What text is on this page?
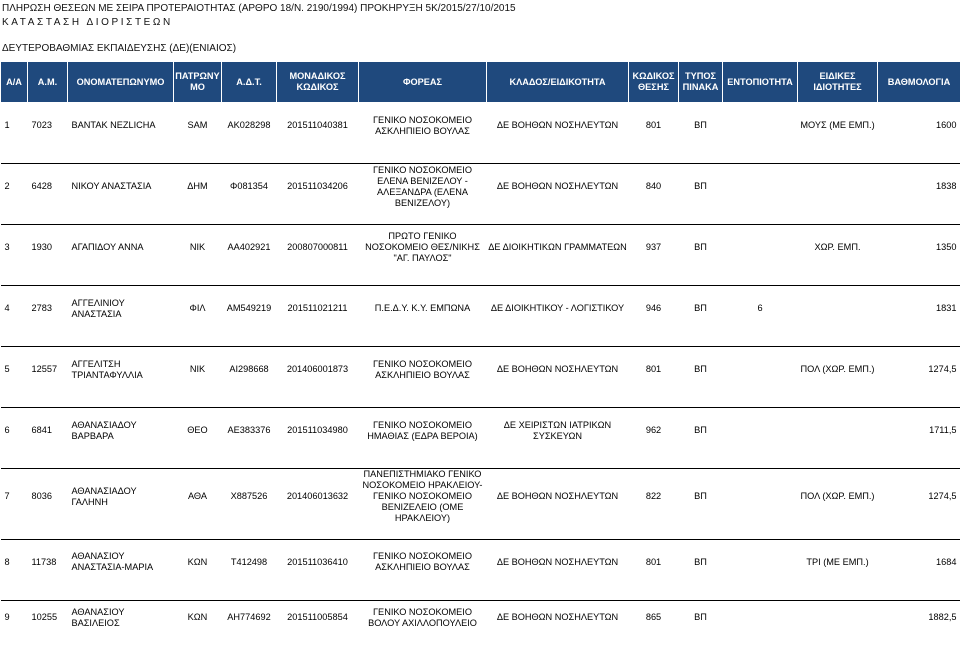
ΠΛΗΡΩΣΗ ΘΕΣΕΩΝ ΜΕ ΣΕΙΡΑ ΠΡΟΤΕΡΑΙΟΤΗΤΑΣ (ΑΡΘΡΟ 18/Ν. 2190/1994) ΠΡΟΚΗΡΥΞΗ 5Κ/2015/27/10/2015
ΚΑΤΑΣΤΑΣΗ ΔΙΟΡΙΣΤΕΩΝ
ΔΕΥΤΕΡΟΒΑΘΜΙΑΣ ΕΚΠΑΙΔΕΥΣΗΣ (ΔΕ)(ΕΝΙΑΙΟΣ)
Α/Α	Α.Μ.	ΟΝΟΜΑΤΕΠΩΝΥΜΟ	ΠΑΤΡΩΝΥ ΜΟ	Α.Δ.Τ.	ΜΟΝΑΔΙΚΟΣ ΚΩΔΙΚΟΣ	ΦΟΡΕΑΣ	ΚΛΑΔΟΣ/ΕΙΔΙΚΟΤΗΤΑ	ΚΩΔΙΚΟΣ ΘΕΣΗΣ	ΤΥΠΟΣ ΠΙΝΑΚΑ	ΕΝΤΟΠΙΟΤΗΤΑ	ΕΙΔΙΚΕΣ ΙΔΙΟΤΗΤΕΣ	ΒΑΘΜΟΛΟΓΙΑ
1	7023	ΒΑΝΤΑΚ NEZLICHA	SAM	AK028298	201511040381	ΓΕΝΙΚΟ ΝΟΣΟΚΟΜΕΙΟ ΑΣΚΛΗΠΙΕΙΟ ΒΟΥΛΑΣ	ΔΕ ΒΟΗΘΩΝ ΝΟΣΗΛΕΥΤΩΝ	801	ΒΠ		ΜΟΥΣ (ΜΕ ΕΜΠ.)	1600

2	6428	ΝΙΚΟΥ ΑΝΑΣΤΑΣΙΑ	ΔΗΜ	Φ081354	201511034206	ΓΕΝΙΚΟ ΝΟΣΟΚΟΜΕΙΟ ΕΛΕΝΑ ΒΕΝΙΖΕΛΟΥ - ΑΛΕΞΑΝΔΡΑ (ΕΛΕΝΑ ΒΕΝΙΖΕΛΟΥ)	ΔΕ ΒΟΗΘΩΝ ΝΟΣΗΛΕΥΤΩΝ	840	ΒΠ			1838

3	1930	ΑΓΑΠΙΔΟΥ ΑΝΝΑ	ΝΙΚ	ΑΑ402921	200807000811	ΠΡΩΤΟ ΓΕΝΙΚΟ ΝΟΣΟΚΟΜΕΙΟ ΘΕΣ/ΝΙΚΗΣ "ΑΓ. ΠΑΥΛΟΣ"	ΔΕ ΔΙΟΙΚΗΤΙΚΩΝ ΓΡΑΜΜΑΤΕΩΝ	937	ΒΠ		ΧΩΡ. ΕΜΠ.	1350

4	2783	ΑΓΓΕΛΙΝΙΟΥ ΑΝΑΣΤΑΣΙΑ	ΦΙΛ	ΑΜ549219	201511021211	Π.Ε.Δ.Υ. Κ.Υ. ΕΜΠΩΝΑ	ΔΕ ΔΙΟΙΚΗΤΙΚΟΥ - ΛΟΓΙΣΤΙΚΟΥ	946	ΒΠ	6		1831

5	12557	ΑΓΓΕΛΙΤΣΗ ΤΡΙΑΝΤΑΦΥΛΛΙΑ	ΝΙΚ	ΑΙ298668	201406001873	ΓΕΝΙΚΟ ΝΟΣΟΚΟΜΕΙΟ ΑΣΚΛΗΠΙΕΙΟ ΒΟΥΛΑΣ	ΔΕ ΒΟΗΘΩΝ ΝΟΣΗΛΕΥΤΩΝ	801	ΒΠ		ΠΟΛ (ΧΩΡ. ΕΜΠ.)	1274,5

6	6841	ΑΘΑΝΑΣΙΑΔΟΥ ΒΑΡΒΑΡΑ	ΘΕΟ	ΑΕ383376	201511034980	ΓΕΝΙΚΟ ΝΟΣΟΚΟΜΕΙΟ ΗΜΑΘΙΑΣ (ΕΔΡΑ ΒΕΡΟΙΑ)	ΔΕ ΧΕΙΡΙΣΤΩΝ ΙΑΤΡΙΚΩΝ ΣΥΣΚΕΥΩΝ	962	ΒΠ			1711,5

7	8036	ΑΘΑΝΑΣΙΑΔΟΥ ΓΑΛΗΝΗ	ΑΘΑ	Χ887526	201406013632	ΠΑΝΕΠΙΣΤΗΜΙΑΚΟ ΓΕΝΙΚΟ ΝΟΣΟΚΟΜΕΙΟ ΗΡΑΚΛΕΙΟΥ-ΓΕΝΙΚΟ ΝΟΣΟΚΟΜΕΙΟ ΒΕΝΙΖΕΛΕΙΟ (ΟΜΕ ΗΡΑΚΛΕΙΟΥ)	ΔΕ ΒΟΗΘΩΝ ΝΟΣΗΛΕΥΤΩΝ	822	ΒΠ		ΠΟΛ (ΧΩΡ. ΕΜΠ.)	1274,5

8	11738	ΑΘΑΝΑΣΙΟΥ ΑΝΑΣΤΑΣΙΑ-ΜΑΡΙΑ	ΚΩΝ	Τ412498	201511036410	ΓΕΝΙΚΟ ΝΟΣΟΚΟΜΕΙΟ ΑΣΚΛΗΠΙΕΙΟ ΒΟΥΛΑΣ	ΔΕ ΒΟΗΘΩΝ ΝΟΣΗΛΕΥΤΩΝ	801	ΒΠ		ΤΡΙ (ΜΕ ΕΜΠ.)	1684

9	10255	ΑΘΑΝΑΣΙΟΥ ΒΑΣΙΛΕΙΟΣ	ΚΩΝ	ΑΗ774692	201511005854	ΓΕΝΙΚΟ ΝΟΣΟΚΟΜΕΙΟ ΒΟΛΟΥ ΑΧΙΛΛΟΠΟΥΛΕΙΟ	ΔΕ ΒΟΗΘΩΝ ΝΟΣΗΛΕΥΤΩΝ	865	ΒΠ			1882,5
